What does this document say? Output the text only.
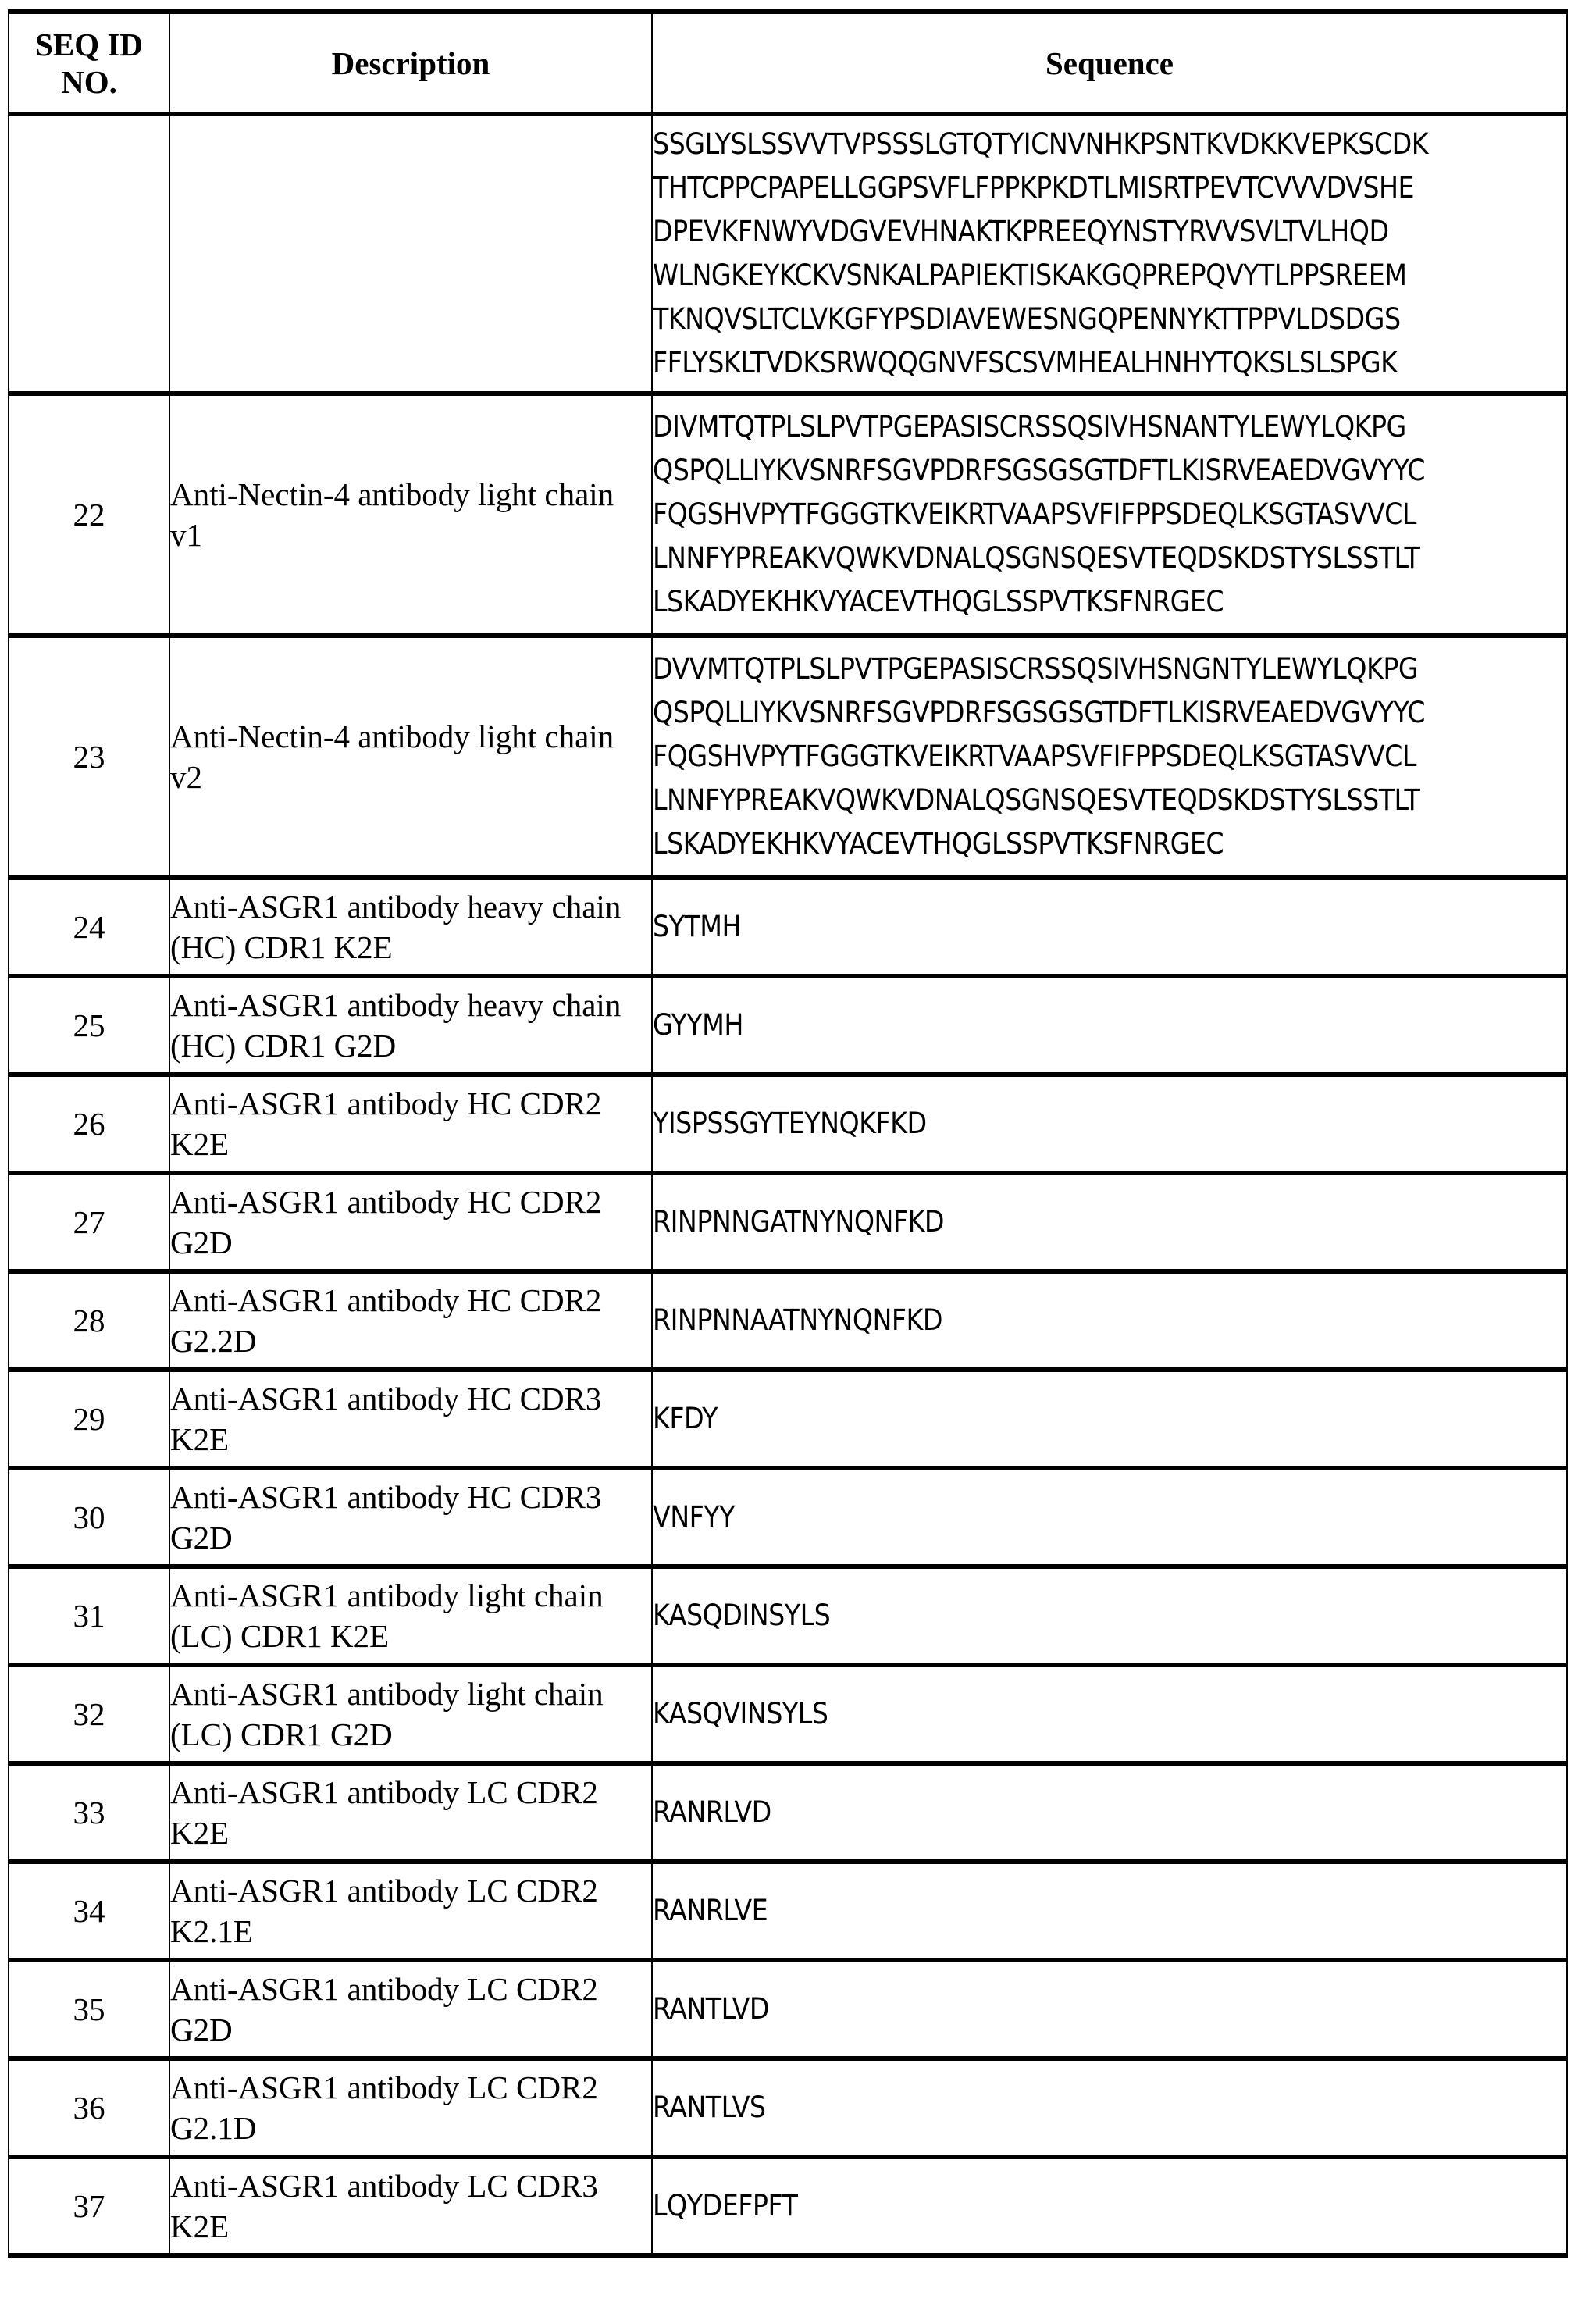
SEQ ID NO.	Description	Sequence

SSGLYSLSSVVTVPSSSLGTQTYICNVNHKPSNTKVDKKVEPKSCDK
THTCPPCPAPELLGGPSVFLFPPKPKDTLMISRTPEVTCVVVDVSHE
DPEVKFNWYVDGVEVHNAKTKPREEQYNSTYRVVSVLTVLHQD
WLNGKEYKCKVSNKALPAPIEKTISKAKGQPREPQVYTLPPSREEM
TKNQVSLTCLVKGFYPSDIAVEWESNGQPENNYKTTPPVLDSDGS
FFLYSKLTVDKSRWQQGNVFSCSVMHEALHNHYTQKSLSLSPGK

22	Anti-Nectin-4 antibody light chain v1	DIVMTQTPLSLPVTPGEPASISCRSSQSIVHSNANTYLEWYLQKPG
QSPQLLIYKVSNRFSGVPDRFSGSGSGTDFTLKISRVEAEDVGVYYC
FQGSHVPYTFGGGTKVEIKRTVAAPSVFIFPPSDEQLKSGTASVVCL
LNNFYPREAKVQWKVDNALQSGNSQESVTEQDSKDSTYSLSSTLT
LSKADYEKHKVYACEVTHQGLSSPVTKSFNRGEC

23	Anti-Nectin-4 antibody light chain v2	DVVMTQTPLSLPVTPGEPASISCRSSQSIVHSNGNTYLEWYLQKPG
QSPQLLIYKVSNRFSGVPDRFSGSGSGTDFTLKISRVEAEDVGVYYC
FQGSHVPYTFGGGTKVEIKRTVAAPSVFIFPPSDEQLKSGTASVVCL
LNNFYPREAKVQWKVDNALQSGNSQESVTEQDSKDSTYSLSSTLT
LSKADYEKHKVYACEVTHQGLSSPVTKSFNRGEC

24	Anti-ASGR1 antibody heavy chain (HC) CDR1 K2E	SYTMH
25	Anti-ASGR1 antibody heavy chain (HC) CDR1 G2D	GYYMH
26	Anti-ASGR1 antibody HC CDR2 K2E	YISPSSGYTEYNQKFKD
27	Anti-ASGR1 antibody HC CDR2 G2D	RINPNNGATNYNQNFKD
28	Anti-ASGR1 antibody HC CDR2 G2.2D	RINPNNAATNYNQNFKD
29	Anti-ASGR1 antibody HC CDR3 K2E	KFDY
30	Anti-ASGR1 antibody HC CDR3 G2D	VNFYY
31	Anti-ASGR1 antibody light chain (LC) CDR1 K2E	KASQDINSYLS
32	Anti-ASGR1 antibody light chain (LC) CDR1 G2D	KASQVINSYLS
33	Anti-ASGR1 antibody LC CDR2 K2E	RANRLVD
34	Anti-ASGR1 antibody LC CDR2 K2.1E	RANRLVE
35	Anti-ASGR1 antibody LC CDR2 G2D	RANTLVD
36	Anti-ASGR1 antibody LC CDR2 G2.1D	RANTLVS
37	Anti-ASGR1 antibody LC CDR3 K2E	LQYDEFPFT
